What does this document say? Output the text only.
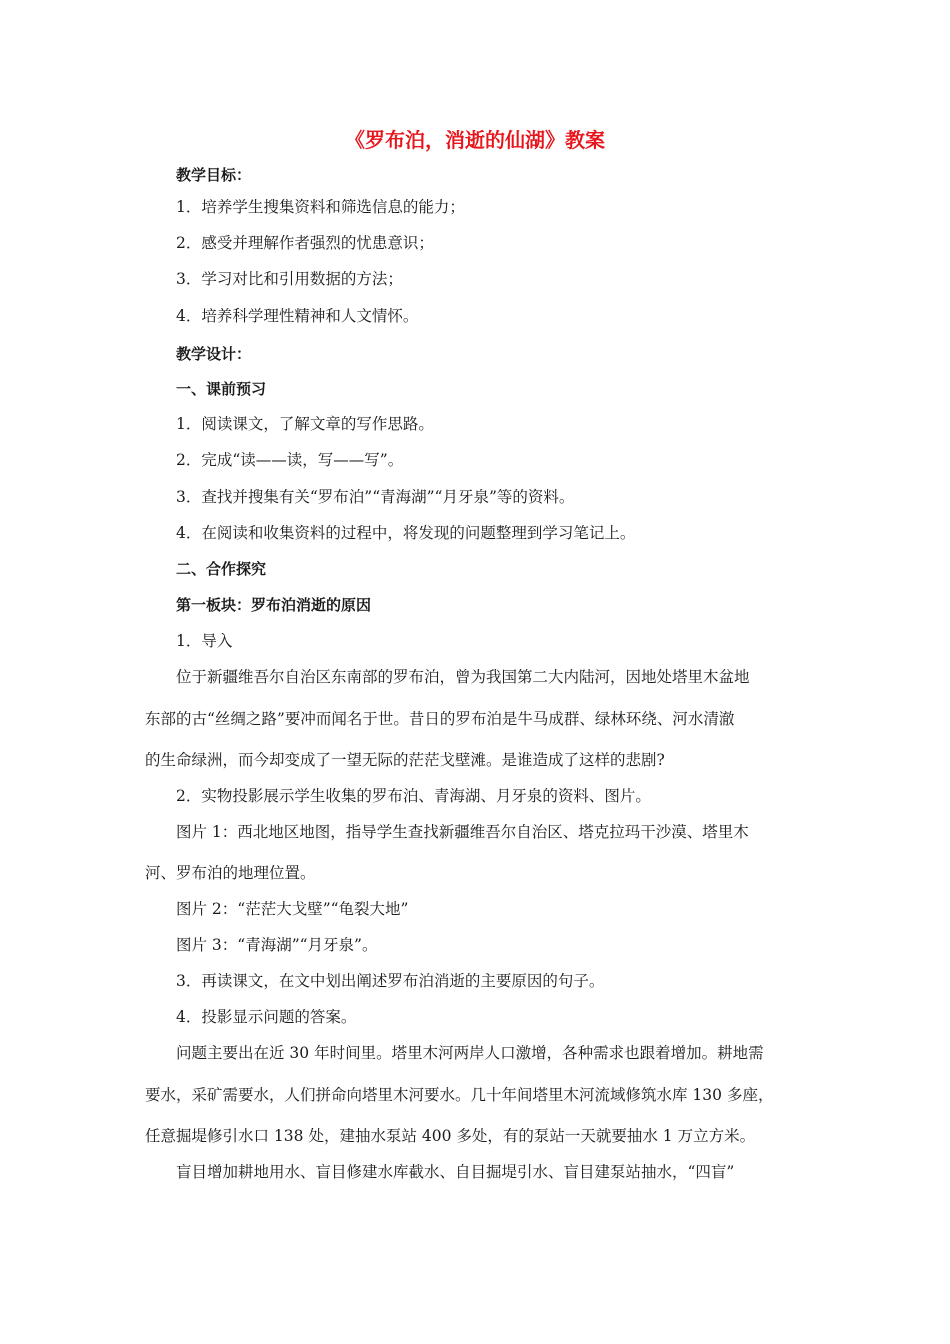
《罗布泊，消逝的仙湖》教案
教学目标：
1．培养学生搜集资料和筛选信息的能力；
2．感受并理解作者强烈的忧患意识；
3．学习对比和引用数据的方法；
4．培养科学理性精神和人文情怀。
教学设计：
一、课前预习
1．阅读课文，了解文章的写作思路。
2．完成“读——读，写——写”。
3．查找并搜集有关“罗布泊”“青海湖”“月牙泉”等的资料。
4．在阅读和收集资料的过程中，将发现的问题整理到学习笔记上。
二、合作探究
第一板块：罗布泊消逝的原因
1．导入
位于新疆维吾尔自治区东南部的罗布泊，曾为我国第二大内陆河，因地处塔里木盆地
东部的古“丝绸之路”要冲而闻名于世。昔日的罗布泊是牛马成群、绿林环绕、河水清澈
的生命绿洲，而今却变成了一望无际的茫茫戈壁滩。是谁造成了这样的悲剧?
2．实物投影展示学生收集的罗布泊、青海湖、月牙泉的资料、图片。
图片 1：西北地区地图，指导学生查找新疆维吾尔自治区、塔克拉玛干沙漠、塔里木
河、罗布泊的地理位置。
图片 2：“茫茫大戈壁”“龟裂大地”
图片 3：“青海湖”“月牙泉”。
3．再读课文，在文中划出阐述罗布泊消逝的主要原因的句子。
4．投影显示问题的答案。
问题主要出在近 30 年时间里。塔里木河两岸人口激增，各种需求也跟着增加。耕地需
要水，采矿需要水，人们拼命向塔里木河要水。几十年间塔里木河流域修筑水库 130 多座，
任意掘堤修引水口 138 处，建抽水泵站 400 多处，有的泵站一天就要抽水 1 万立方米。
盲目增加耕地用水、盲目修建水库截水、自目掘堤引水、盲目建泵站抽水，“四盲”
